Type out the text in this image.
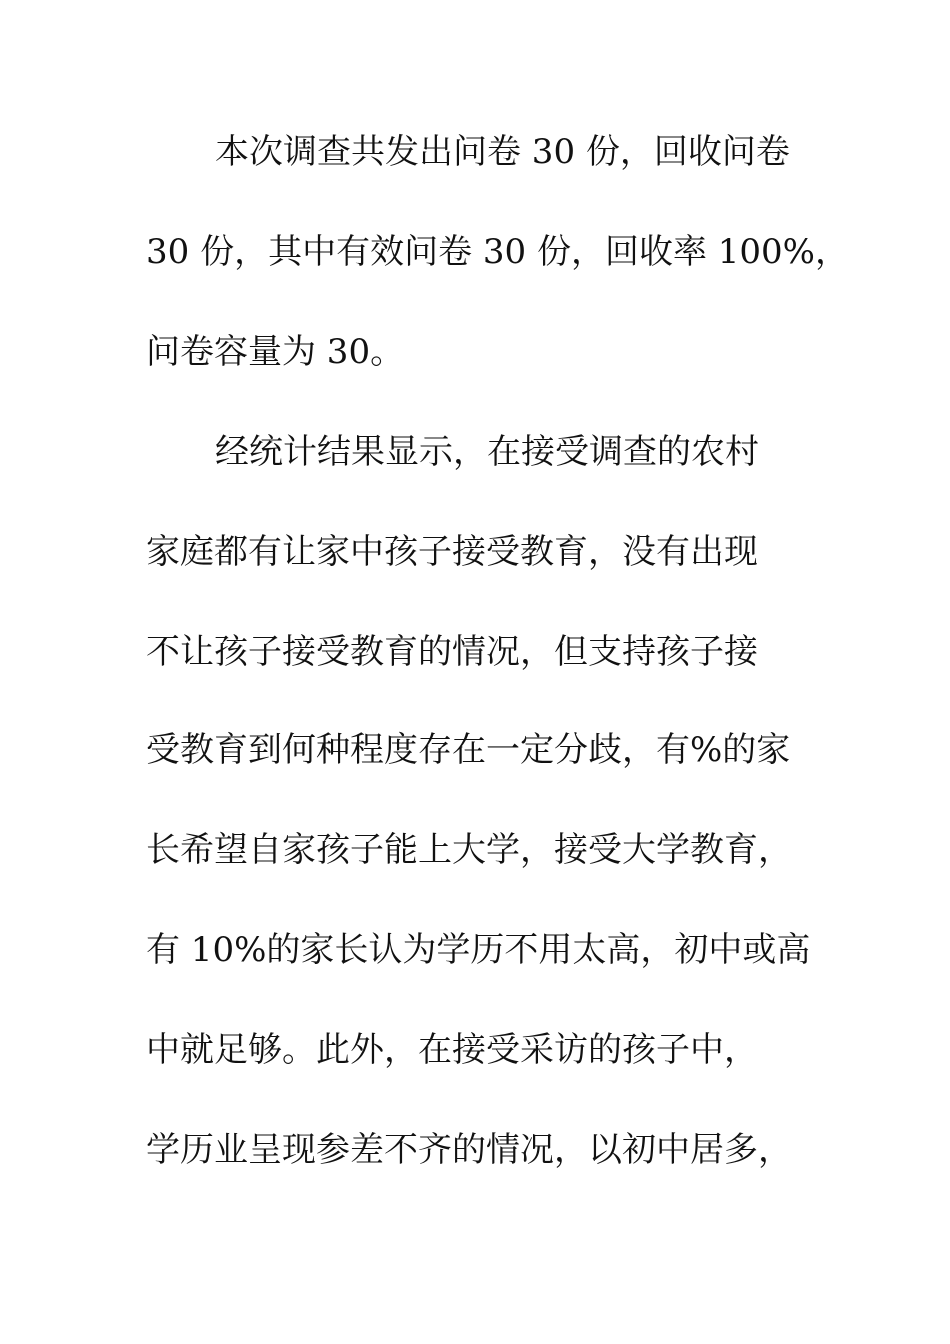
本次调查共发出问卷 30 份，回收问卷
30 份，其中有效问卷 30 份，回收率 100%，
问卷容量为 30。
经统计结果显示，在接受调查的农村
家庭都有让家中孩子接受教育，没有出现
不让孩子接受教育的情况，但支持孩子接
受教育到何种程度存在一定分歧，有%的家
长希望自家孩子能上大学，接受大学教育，
有 10%的家长认为学历不用太高，初中或高
中就足够。此外，在接受采访的孩子中，
学历业呈现参差不齐的情况，以初中居多，
